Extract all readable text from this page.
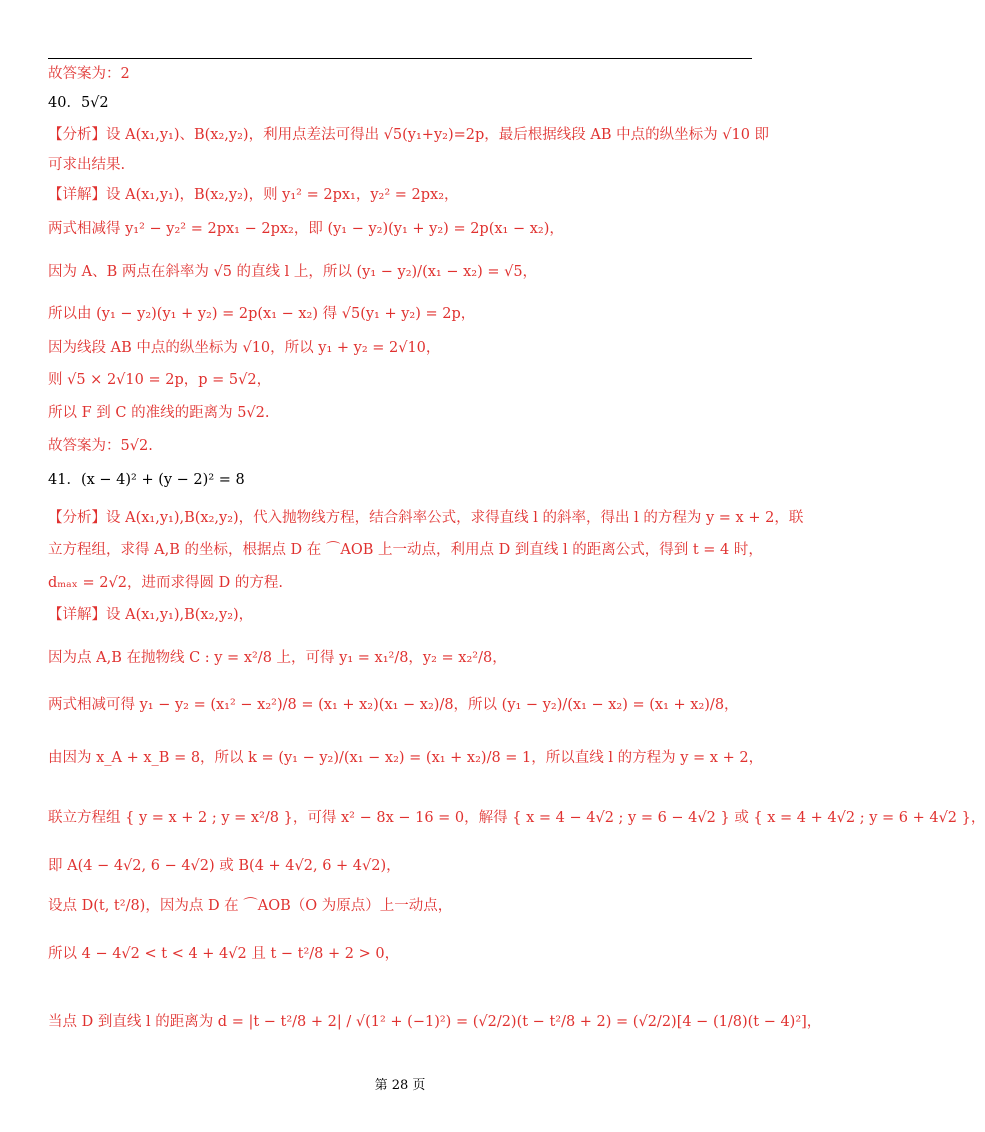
故答案为：2
40．5√2
【分析】设 A(x₁,y₁)、B(x₂,y₂)，利用点差法可得出 √5(y₁+y₂)=2p，最后根据线段 AB 中点的纵坐标为 √10 即
可求出结果.
【详解】设 A(x₁,y₁)，B(x₂,y₂)，则 y₁² = 2px₁，y₂² = 2px₂，
两式相减得 y₁² − y₂² = 2px₁ − 2px₂，即 (y₁ − y₂)(y₁ + y₂) = 2p(x₁ − x₂)，
因为 A、B 两点在斜率为 √5 的直线 l 上，所以 (y₁ − y₂)/(x₁ − x₂) = √5，
所以由 (y₁ − y₂)(y₁ + y₂) = 2p(x₁ − x₂) 得 √5(y₁ + y₂) = 2p，
因为线段 AB 中点的纵坐标为 √10，所以 y₁ + y₂ = 2√10，
则 √5 × 2√10 = 2p，p = 5√2，
所以 F 到 C 的准线的距离为 5√2.
故答案为：5√2.
41．(x − 4)² + (y − 2)² = 8
【分析】设 A(x₁,y₁),B(x₂,y₂)，代入抛物线方程，结合斜率公式，求得直线 l 的斜率，得出 l 的方程为 y = x + 2，联
立方程组，求得 A,B 的坐标，根据点 D 在 ⌒AOB 上一动点，利用点 D 到直线 l 的距离公式，得到 t = 4 时，
dₘₐₓ = 2√2，进而求得圆 D 的方程.
【详解】设 A(x₁,y₁),B(x₂,y₂)，
因为点 A,B 在抛物线 C : y = x²/8 上，可得 y₁ = x₁²/8，y₂ = x₂²/8，
两式相减可得 y₁ − y₂ = (x₁² − x₂²)/8 = (x₁ + x₂)(x₁ − x₂)/8，所以 (y₁ − y₂)/(x₁ − x₂) = (x₁ + x₂)/8，
由因为 x_A + x_B = 8，所以 k = (y₁ − y₂)/(x₁ − x₂) = (x₁ + x₂)/8 = 1，所以直线 l 的方程为 y = x + 2，
联立方程组 { y = x + 2 ; y = x²/8 }，可得 x² − 8x − 16 = 0，解得 { x = 4 − 4√2 ; y = 6 − 4√2 } 或 { x = 4 + 4√2 ; y = 6 + 4√2 }，
即 A(4 − 4√2, 6 − 4√2) 或 B(4 + 4√2, 6 + 4√2)，
设点 D(t, t²/8)，因为点 D 在 ⌒AOB（O 为原点）上一动点，
所以 4 − 4√2 < t < 4 + 4√2 且 t − t²/8 + 2 > 0，
当点 D 到直线 l 的距离为 d = |t − t²/8 + 2| / √(1² + (−1)²) = (√2/2)(t − t²/8 + 2) = (√2/2)[4 − (1/8)(t − 4)²]，
第 28 页
